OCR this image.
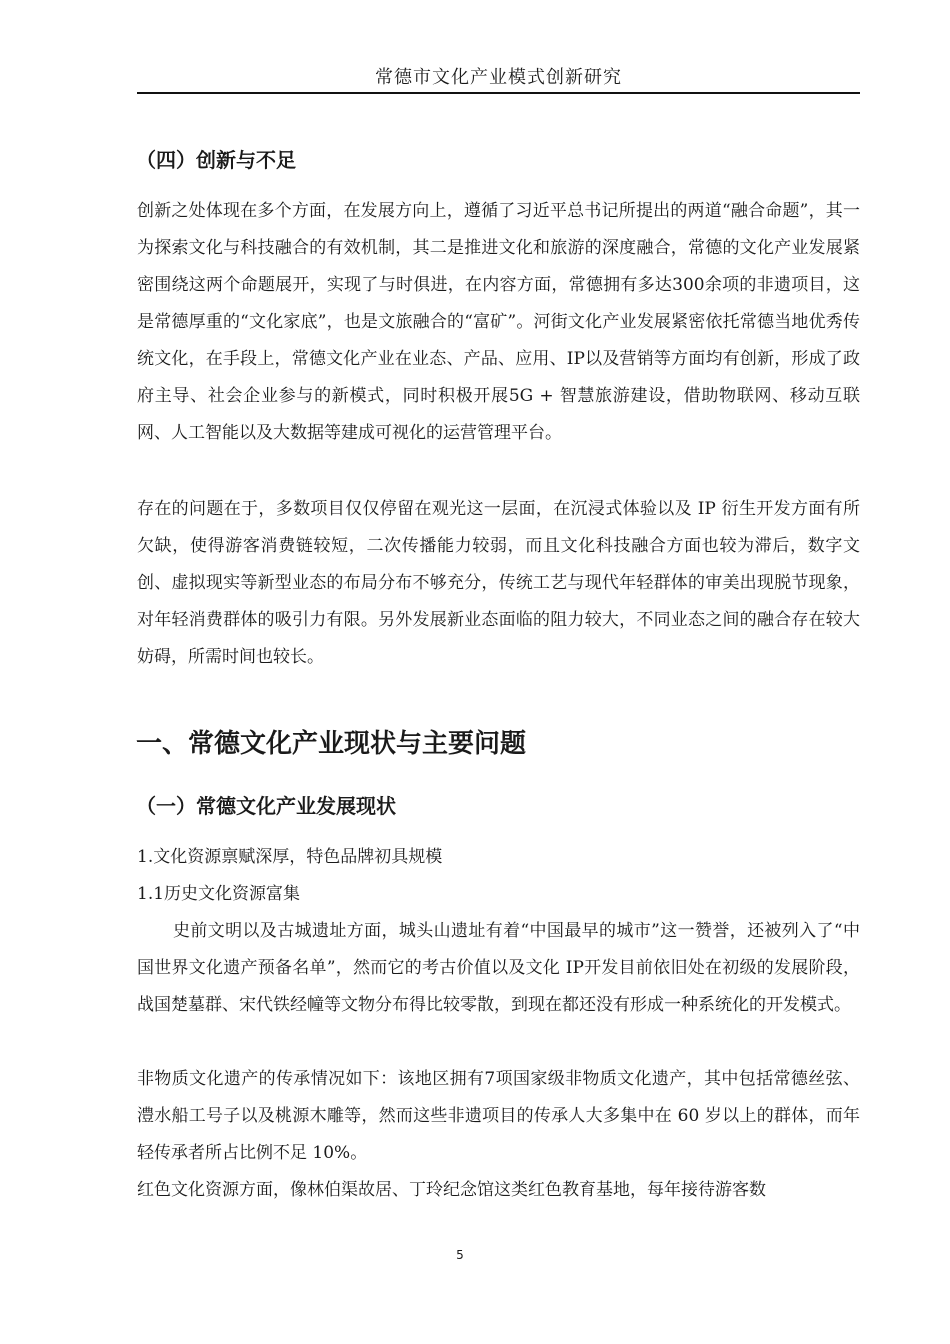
常德市文化产业模式创新研究
（四）创新与不足
创新之处体现在多个方面，在发展方向上，遵循了习近平总书记所提出的两道“融合命题”，其一为探索文化与科技融合的有效机制，其二是推进文化和旅游的深度融合，常德的文化产业发展紧密围绕这两个命题展开，实现了与时俱进，在内容方面，常德拥有多达300余项的非遗项目，这是常德厚重的“文化家底”，也是文旅融合的“富矿”。河街文化产业发展紧密依托常德当地优秀传统文化，在手段上，常德文化产业在业态、产品、应用、IP以及营销等方面均有创新，形成了政府主导、社会企业参与的新模式，同时积极开展5G + 智慧旅游建设，借助物联网、移动互联网、人工智能以及大数据等建成可视化的运营管理平台。
存在的问题在于，多数项目仅仅停留在观光这一层面，在沉浸式体验以及 IP 衍生开发方面有所欠缺，使得游客消费链较短，二次传播能力较弱，而且文化科技融合方面也较为滞后，数字文创、虚拟现实等新型业态的布局分布不够充分，传统工艺与现代年轻群体的审美出现脱节现象，对年轻消费群体的吸引力有限。另外发展新业态面临的阻力较大，不同业态之间的融合存在较大妨碍，所需时间也较长。
一、常德文化产业现状与主要问题
（一）常德文化产业发展现状
1.文化资源禀赋深厚，特色品牌初具规模
1.1历史文化资源富集
史前文明以及古城遗址方面，城头山遗址有着“中国最早的城市”这一赞誉，还被列入了“中国世界文化遗产预备名单”，然而它的考古价值以及文化 IP开发目前依旧处在初级的发展阶段，战国楚墓群、宋代铁经幢等文物分布得比较零散，到现在都还没有形成一种系统化的开发模式。
非物质文化遗产的传承情况如下：该地区拥有7项国家级非物质文化遗产，其中包括常德丝弦、澧水船工号子以及桃源木雕等，然而这些非遗项目的传承人大多集中在 60 岁以上的群体，而年轻传承者所占比例不足 10%。
红色文化资源方面，像林伯渠故居、丁玲纪念馆这类红色教育基地，每年接待游客数
5
